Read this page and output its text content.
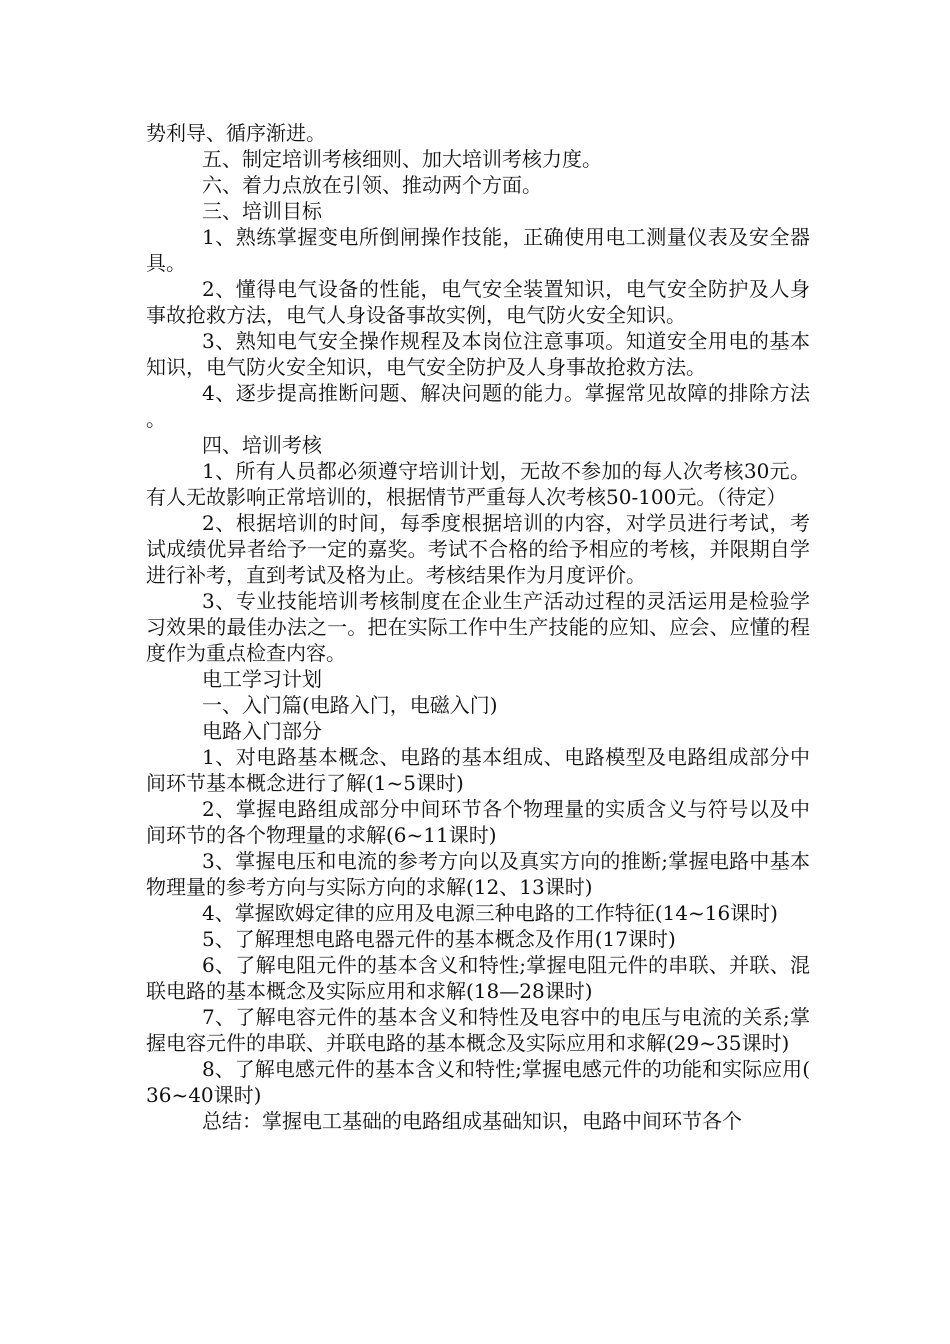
势利导、循序渐进。

五、制定培训考核细则、加大培训考核力度。

六、着力点放在引领、推动两个方面。

三、培训目标

1、熟练掌握变电所倒闸操作技能，正确使用电工测量仪表及安全器具。

2、懂得电气设备的性能，电气安全装置知识，电气安全防护及人身事故抢救方法，电气人身设备事故实例，电气防火安全知识。

3、熟知电气安全操作规程及本岗位注意事项。知道安全用电的基本知识，电气防火安全知识，电气安全防护及人身事故抢救方法。

4、逐步提高推断问题、解决问题的能力。掌握常见故障的排除方法。

四、培训考核

1、所有人员都必须遵守培训计划，无故不参加的每人次考核30元。有人无故影响正常培训的，根据情节严重每人次考核50-100元。（待定）

2、根据培训的时间，每季度根据培训的内容，对学员进行考试，考试成绩优异者给予一定的嘉奖。考试不合格的给予相应的考核，并限期自学进行补考，直到考试及格为止。考核结果作为月度评价。

3、专业技能培训考核制度在企业生产活动过程的灵活运用是检验学习效果的最佳办法之一。把在实际工作中生产技能的应知、应会、应懂的程度作为重点检查内容。

电工学习计划

一、入门篇(电路入门，电磁入门)

电路入门部分

1、对电路基本概念、电路的基本组成、电路模型及电路组成部分中间环节基本概念进行了解(1~5课时)

2、掌握电路组成部分中间环节各个物理量的实质含义与符号以及中间环节的各个物理量的求解(6~11课时)

3、掌握电压和电流的参考方向以及真实方向的推断;掌握电路中基本物理量的参考方向与实际方向的求解(12、13课时)

4、掌握欧姆定律的应用及电源三种电路的工作特征(14~16课时)

5、了解理想电路电器元件的基本概念及作用(17课时)

6、了解电阻元件的基本含义和特性;掌握电阻元件的串联、并联、混联电路的基本概念及实际应用和求解(18—28课时)

7、了解电容元件的基本含义和特性及电容中的电压与电流的关系;掌握电容元件的串联、并联电路的基本概念及实际应用和求解(29~35课时)

8、了解电感元件的基本含义和特性;掌握电感元件的功能和实际应用(36~40课时)

总结：掌握电工基础的电路组成基础知识，电路中间环节各个
